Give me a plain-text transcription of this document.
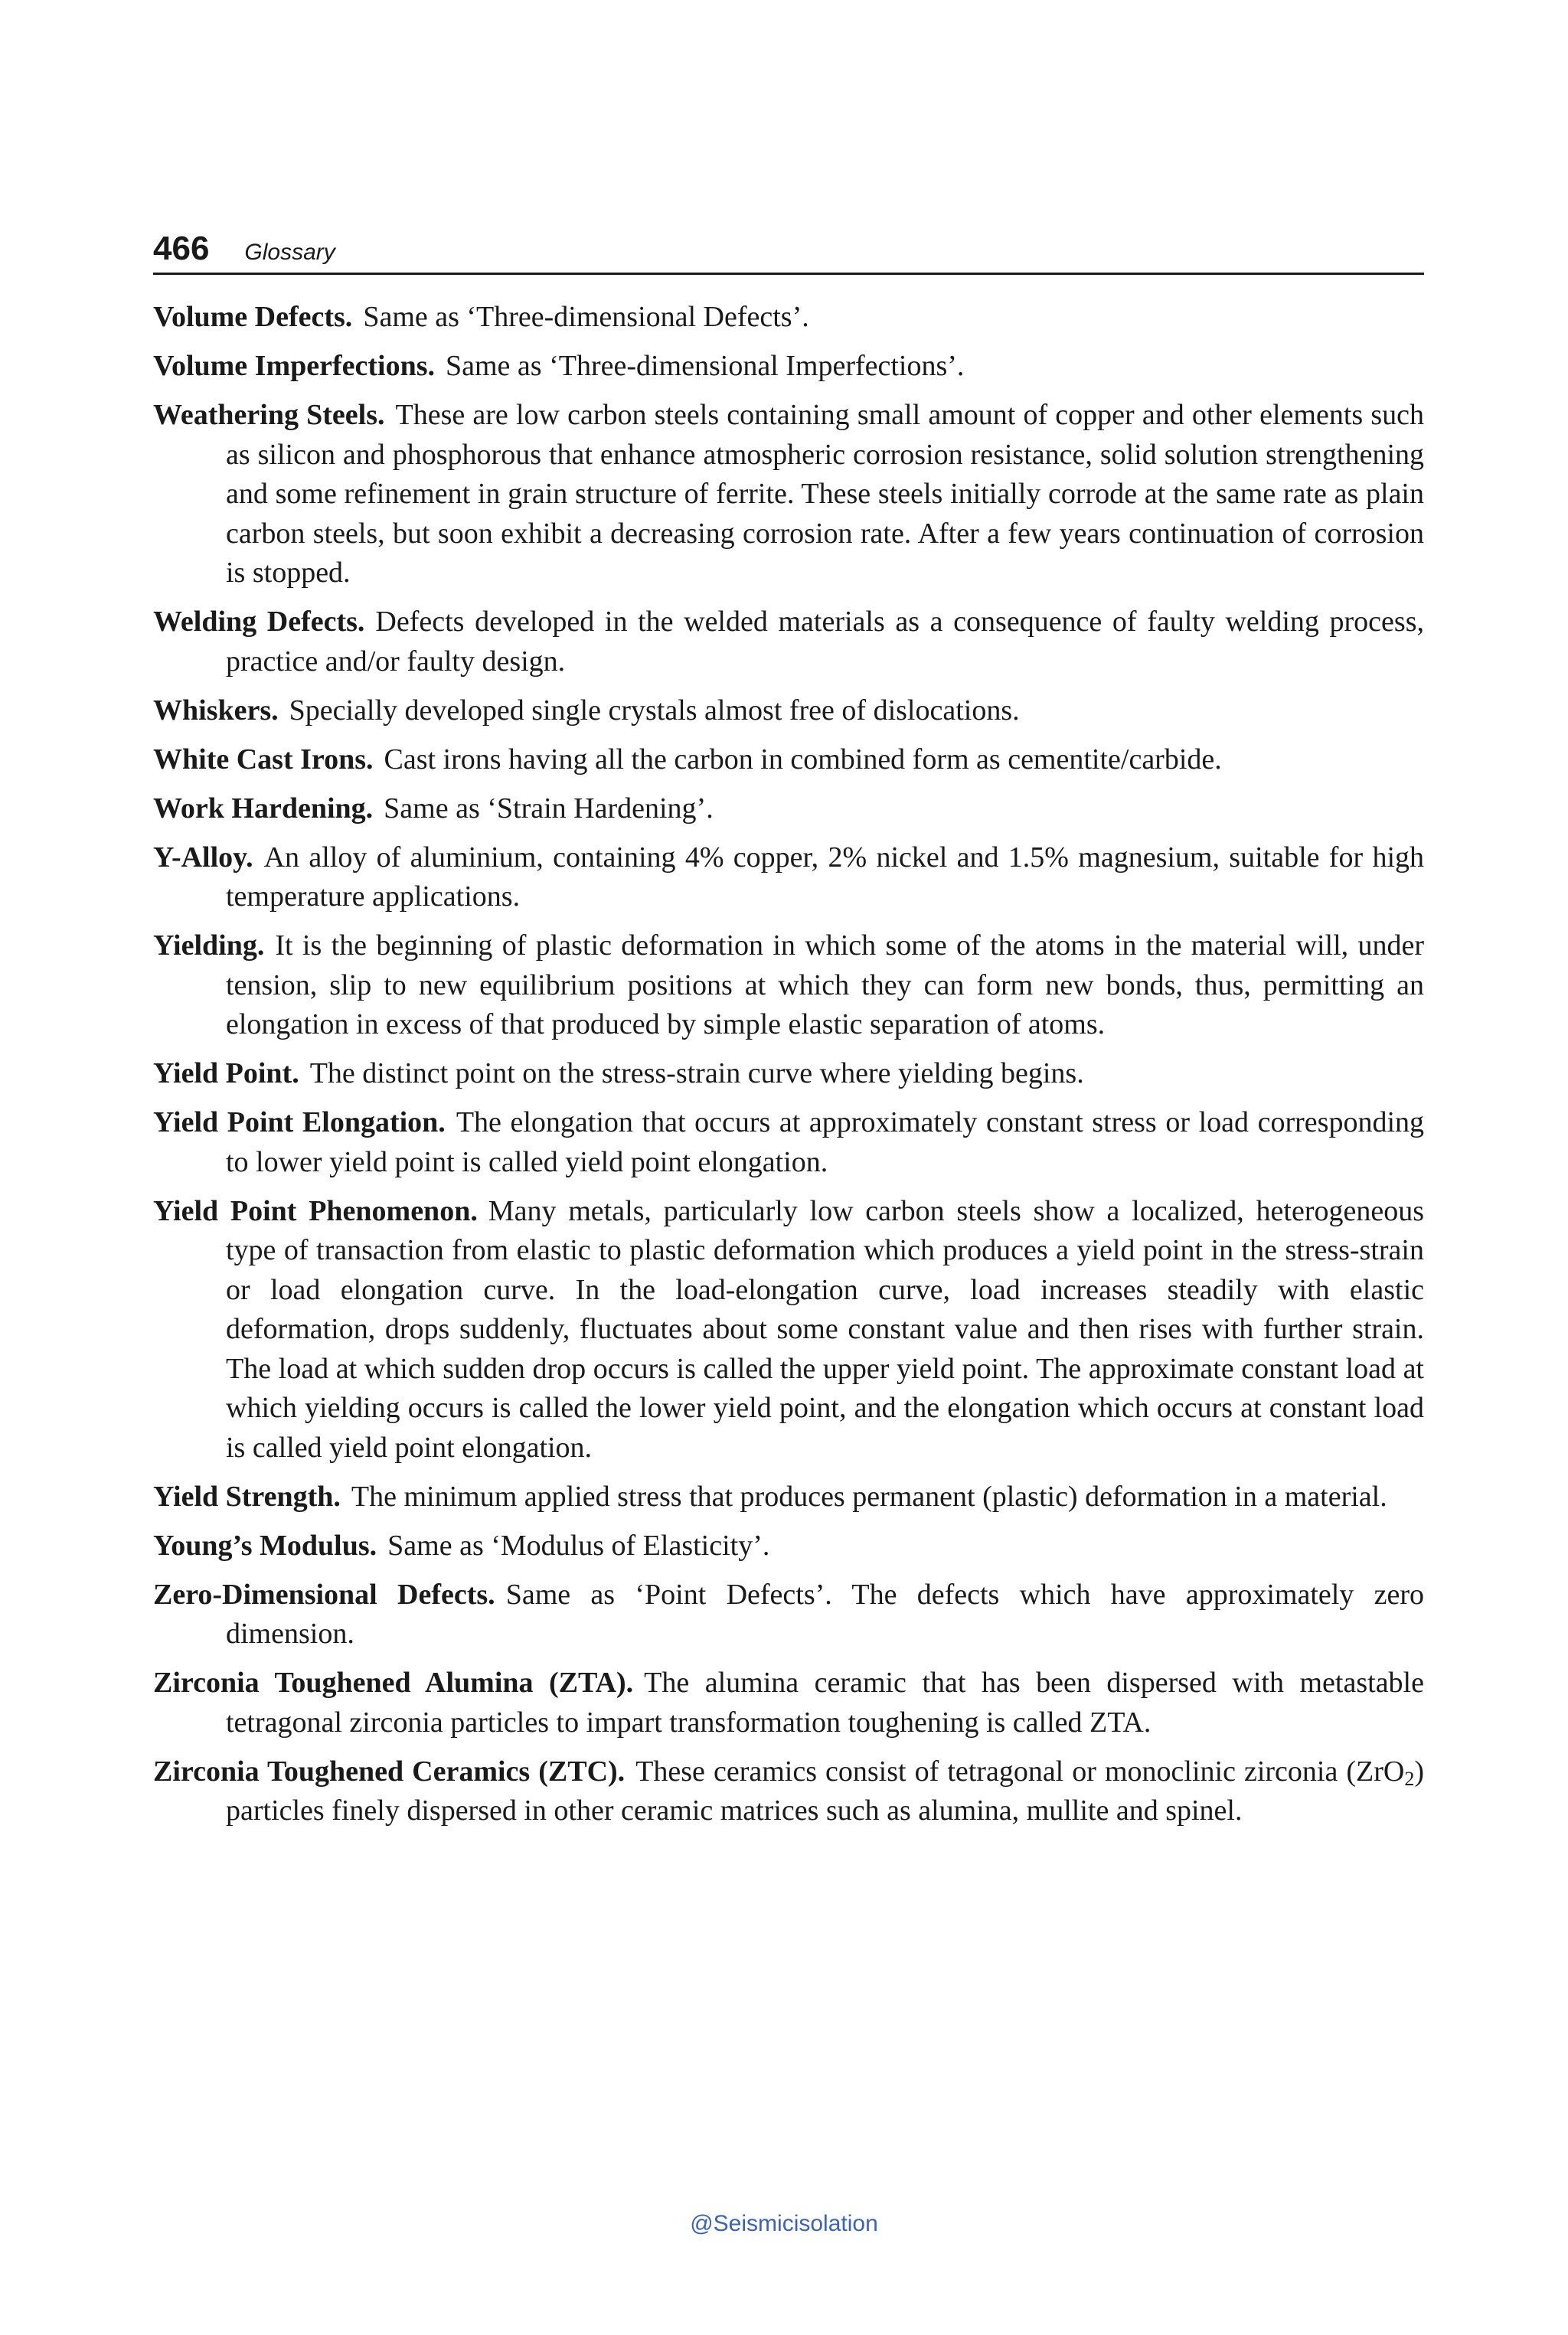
466 Glossary

Volume Defects. Same as ‘Three-dimensional Defects’.

Volume Imperfections. Same as ‘Three-dimensional Imperfections’.

Weathering Steels. These are low carbon steels containing small amount of copper and other elements such as silicon and phosphorous that enhance atmospheric corrosion resistance, solid solution strengthening and some refinement in grain structure of ferrite. These steels initially corrode at the same rate as plain carbon steels, but soon exhibit a decreasing corrosion rate. After a few years continuation of corrosion is stopped.

Welding Defects. Defects developed in the welded materials as a consequence of faulty welding process, practice and/or faulty design.

Whiskers. Specially developed single crystals almost free of dislocations.

White Cast Irons. Cast irons having all the carbon in combined form as cementite/carbide.

Work Hardening. Same as ‘Strain Hardening’.

Y-Alloy. An alloy of aluminium, containing 4% copper, 2% nickel and 1.5% magnesium, suitable for high temperature applications.

Yielding. It is the beginning of plastic deformation in which some of the atoms in the material will, under tension, slip to new equilibrium positions at which they can form new bonds, thus, permitting an elongation in excess of that produced by simple elastic separation of atoms.

Yield Point. The distinct point on the stress-strain curve where yielding begins.

Yield Point Elongation. The elongation that occurs at approximately constant stress or load corresponding to lower yield point is called yield point elongation.

Yield Point Phenomenon. Many metals, particularly low carbon steels show a localized, heterogeneous type of transaction from elastic to plastic deformation which produces a yield point in the stress-strain or load elongation curve. In the load-elongation curve, load increases steadily with elastic deformation, drops suddenly, fluctuates about some constant value and then rises with further strain. The load at which sudden drop occurs is called the upper yield point. The approximate constant load at which yielding occurs is called the lower yield point, and the elongation which occurs at constant load is called yield point elongation.

Yield Strength. The minimum applied stress that produces permanent (plastic) deformation in a material.

Young’s Modulus. Same as ‘Modulus of Elasticity’.

Zero-Dimensional Defects. Same as ‘Point Defects’. The defects which have approximately zero dimension.

Zirconia Toughened Alumina (ZTA). The alumina ceramic that has been dispersed with metastable tetragonal zirconia particles to impart transformation toughening is called ZTA.

Zirconia Toughened Ceramics (ZTC). These ceramics consist of tetragonal or monoclinic zirconia (ZrO$_2$) particles finely dispersed in other ceramic matrices such as alumina, mullite and spinel.

@Seismicisolation
